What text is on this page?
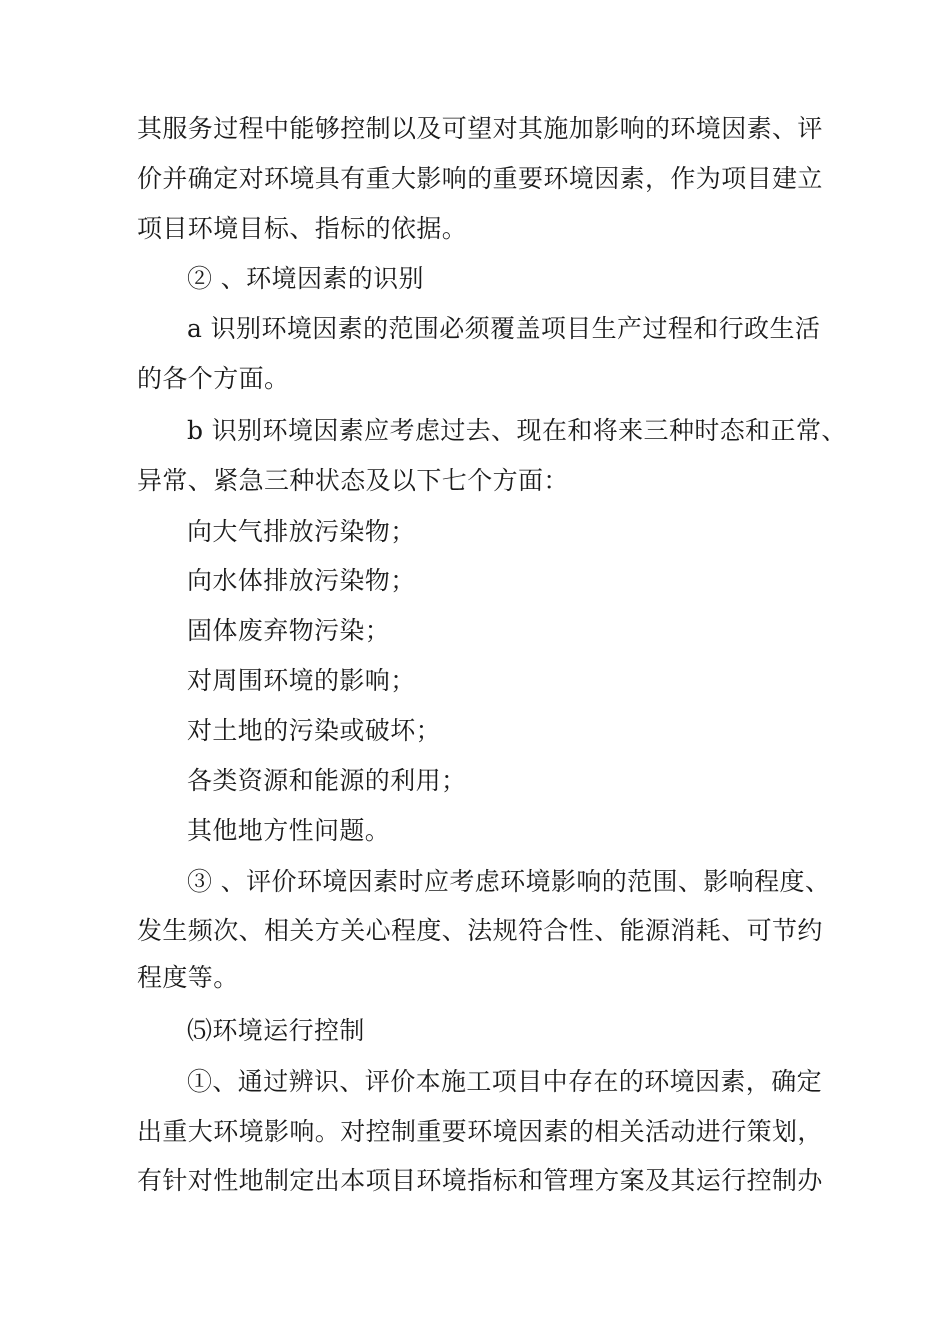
其服务过程中能够控制以及可望对其施加影响的环境因素、评
价并确定对环境具有重大影响的重要环境因素，作为项目建立
项目环境目标、指标的依据。
② 、环境因素的识别
a 识别环境因素的范围必须覆盖项目生产过程和行政生活
的各个方面。
b 识别环境因素应考虑过去、现在和将来三种时态和正常、
异常、紧急三种状态及以下七个方面：
向大气排放污染物；
向水体排放污染物；
固体废弃物污染；
对周围环境的影响；
对土地的污染或破坏；
各类资源和能源的利用；
其他地方性问题。
③ 、评价环境因素时应考虑环境影响的范围、影响程度、
发生频次、相关方关心程度、法规符合性、能源消耗、可节约
程度等。
⑸环境运行控制
①、通过辨识、评价本施工项目中存在的环境因素，确定
出重大环境影响。对控制重要环境因素的相关活动进行策划，
有针对性地制定出本项目环境指标和管理方案及其运行控制办
